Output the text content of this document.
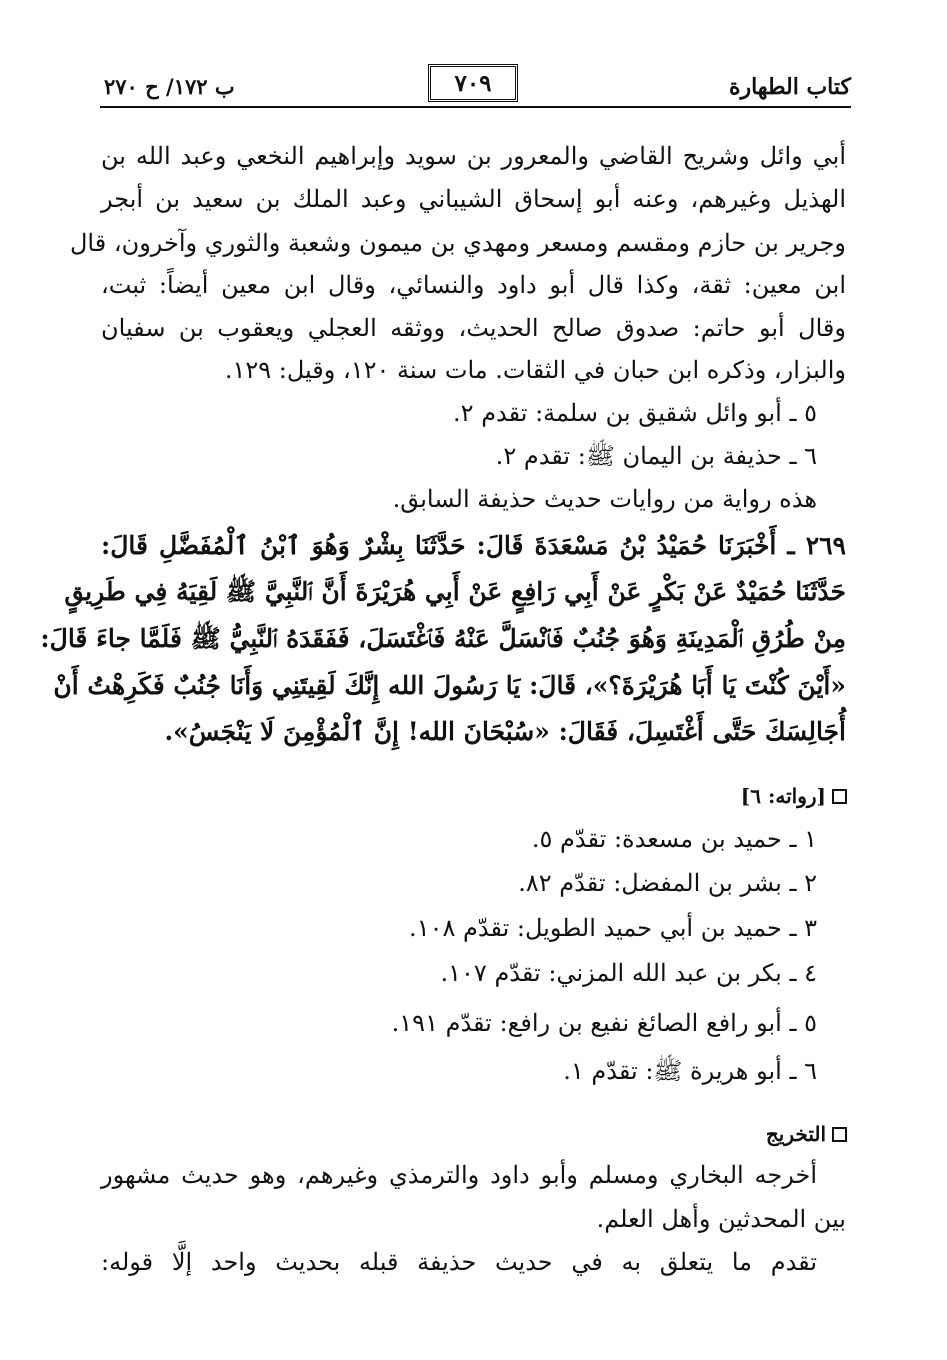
كتاب الطهارة
٧٠٩
ب ١٧٢/ ح ٢٧٠
أبي وائل وشريح القاضي والمعرور بن سويد وإبراهيم النخعي وعبد الله بن
الهذيل وغيرهم، وعنه أبو إسحاق الشيباني وعبد الملك بن سعيد بن أبجر
وجرير بن حازم ومقسم ومسعر ومهدي بن ميمون وشعبة والثوري وآخرون، قال
ابن معين: ثقة، وكذا قال أبو داود والنسائي، وقال ابن معين أيضاً: ثبت،
وقال أبو حاتم: صدوق صالح الحديث، ووثقه العجلي ويعقوب بن سفيان
والبزار، وذكره ابن حبان في الثقات. مات سنة ١٢٠، وقيل: ١٢٩.
٥ ـ أبو وائل شقيق بن سلمة: تقدم ٢.
٦ ـ حذيفة بن اليمان ﷺ: تقدم ٢.
هذه رواية من روايات حديث حذيفة السابق.
٢٦٩ ـ أَخْبَرَنَا حُمَيْدُ بْنُ مَسْعَدَةَ قَالَ: حَدَّثَنَا بِشْرٌ وَهُوَ ٱبْنُ ٱلْمُفَضَّلِ قَالَ:
حَدَّثَنَا حُمَيْدٌ عَنْ بَكْرٍ عَنْ أَبِي رَافِعٍ عَنْ أَبِي هُرَيْرَةَ أَنَّ ٱلنَّبِيَّ ﷺ لَقِيَهُ فِي طَرِيقٍ
مِنْ طُرُقِ ٱلْمَدِينَةِ وَهُوَ جُنُبٌ فَٱنْسَلَّ عَنْهُ فَٱغْتَسَلَ، فَفَقَدَهُ ٱلنَّبِيُّ ﷺ فَلَمَّا جاءَ قَالَ:
«أَيْنَ كُنْتَ يَا أَبَا هُرَيْرَةَ؟»، قَالَ: يَا رَسُولَ الله إِنَّكَ لَقِيتَنِي وَأَنَا جُنُبٌ فَكَرِهْتُ أَنْ
أُجَالِسَكَ حَتَّى أَغْتَسِلَ، فَقَالَ: «سُبْحَانَ الله! إِنَّ ٱلْمُؤْمِنَ لَا يَنْجَسُ».
[رواته: ٦]
١ ـ حميد بن مسعدة: تقدّم ٥.
٢ ـ بشر بن المفضل: تقدّم ٨٢.
٣ ـ حميد بن أبي حميد الطويل: تقدّم ١٠٨.
٤ ـ بكر بن عبد الله المزني: تقدّم ١٠٧.
٥ ـ أبو رافع الصائغ نفيع بن رافع: تقدّم ١٩١.
٦ ـ أبو هريرة ﷺ: تقدّم ١.
التخريج
أخرجه البخاري ومسلم وأبو داود والترمذي وغيرهم، وهو حديث مشهور
بين المحدثين وأهل العلم.
تقدم ما يتعلق به في حديث حذيفة قبله بحديث واحد إلَّا قوله:
